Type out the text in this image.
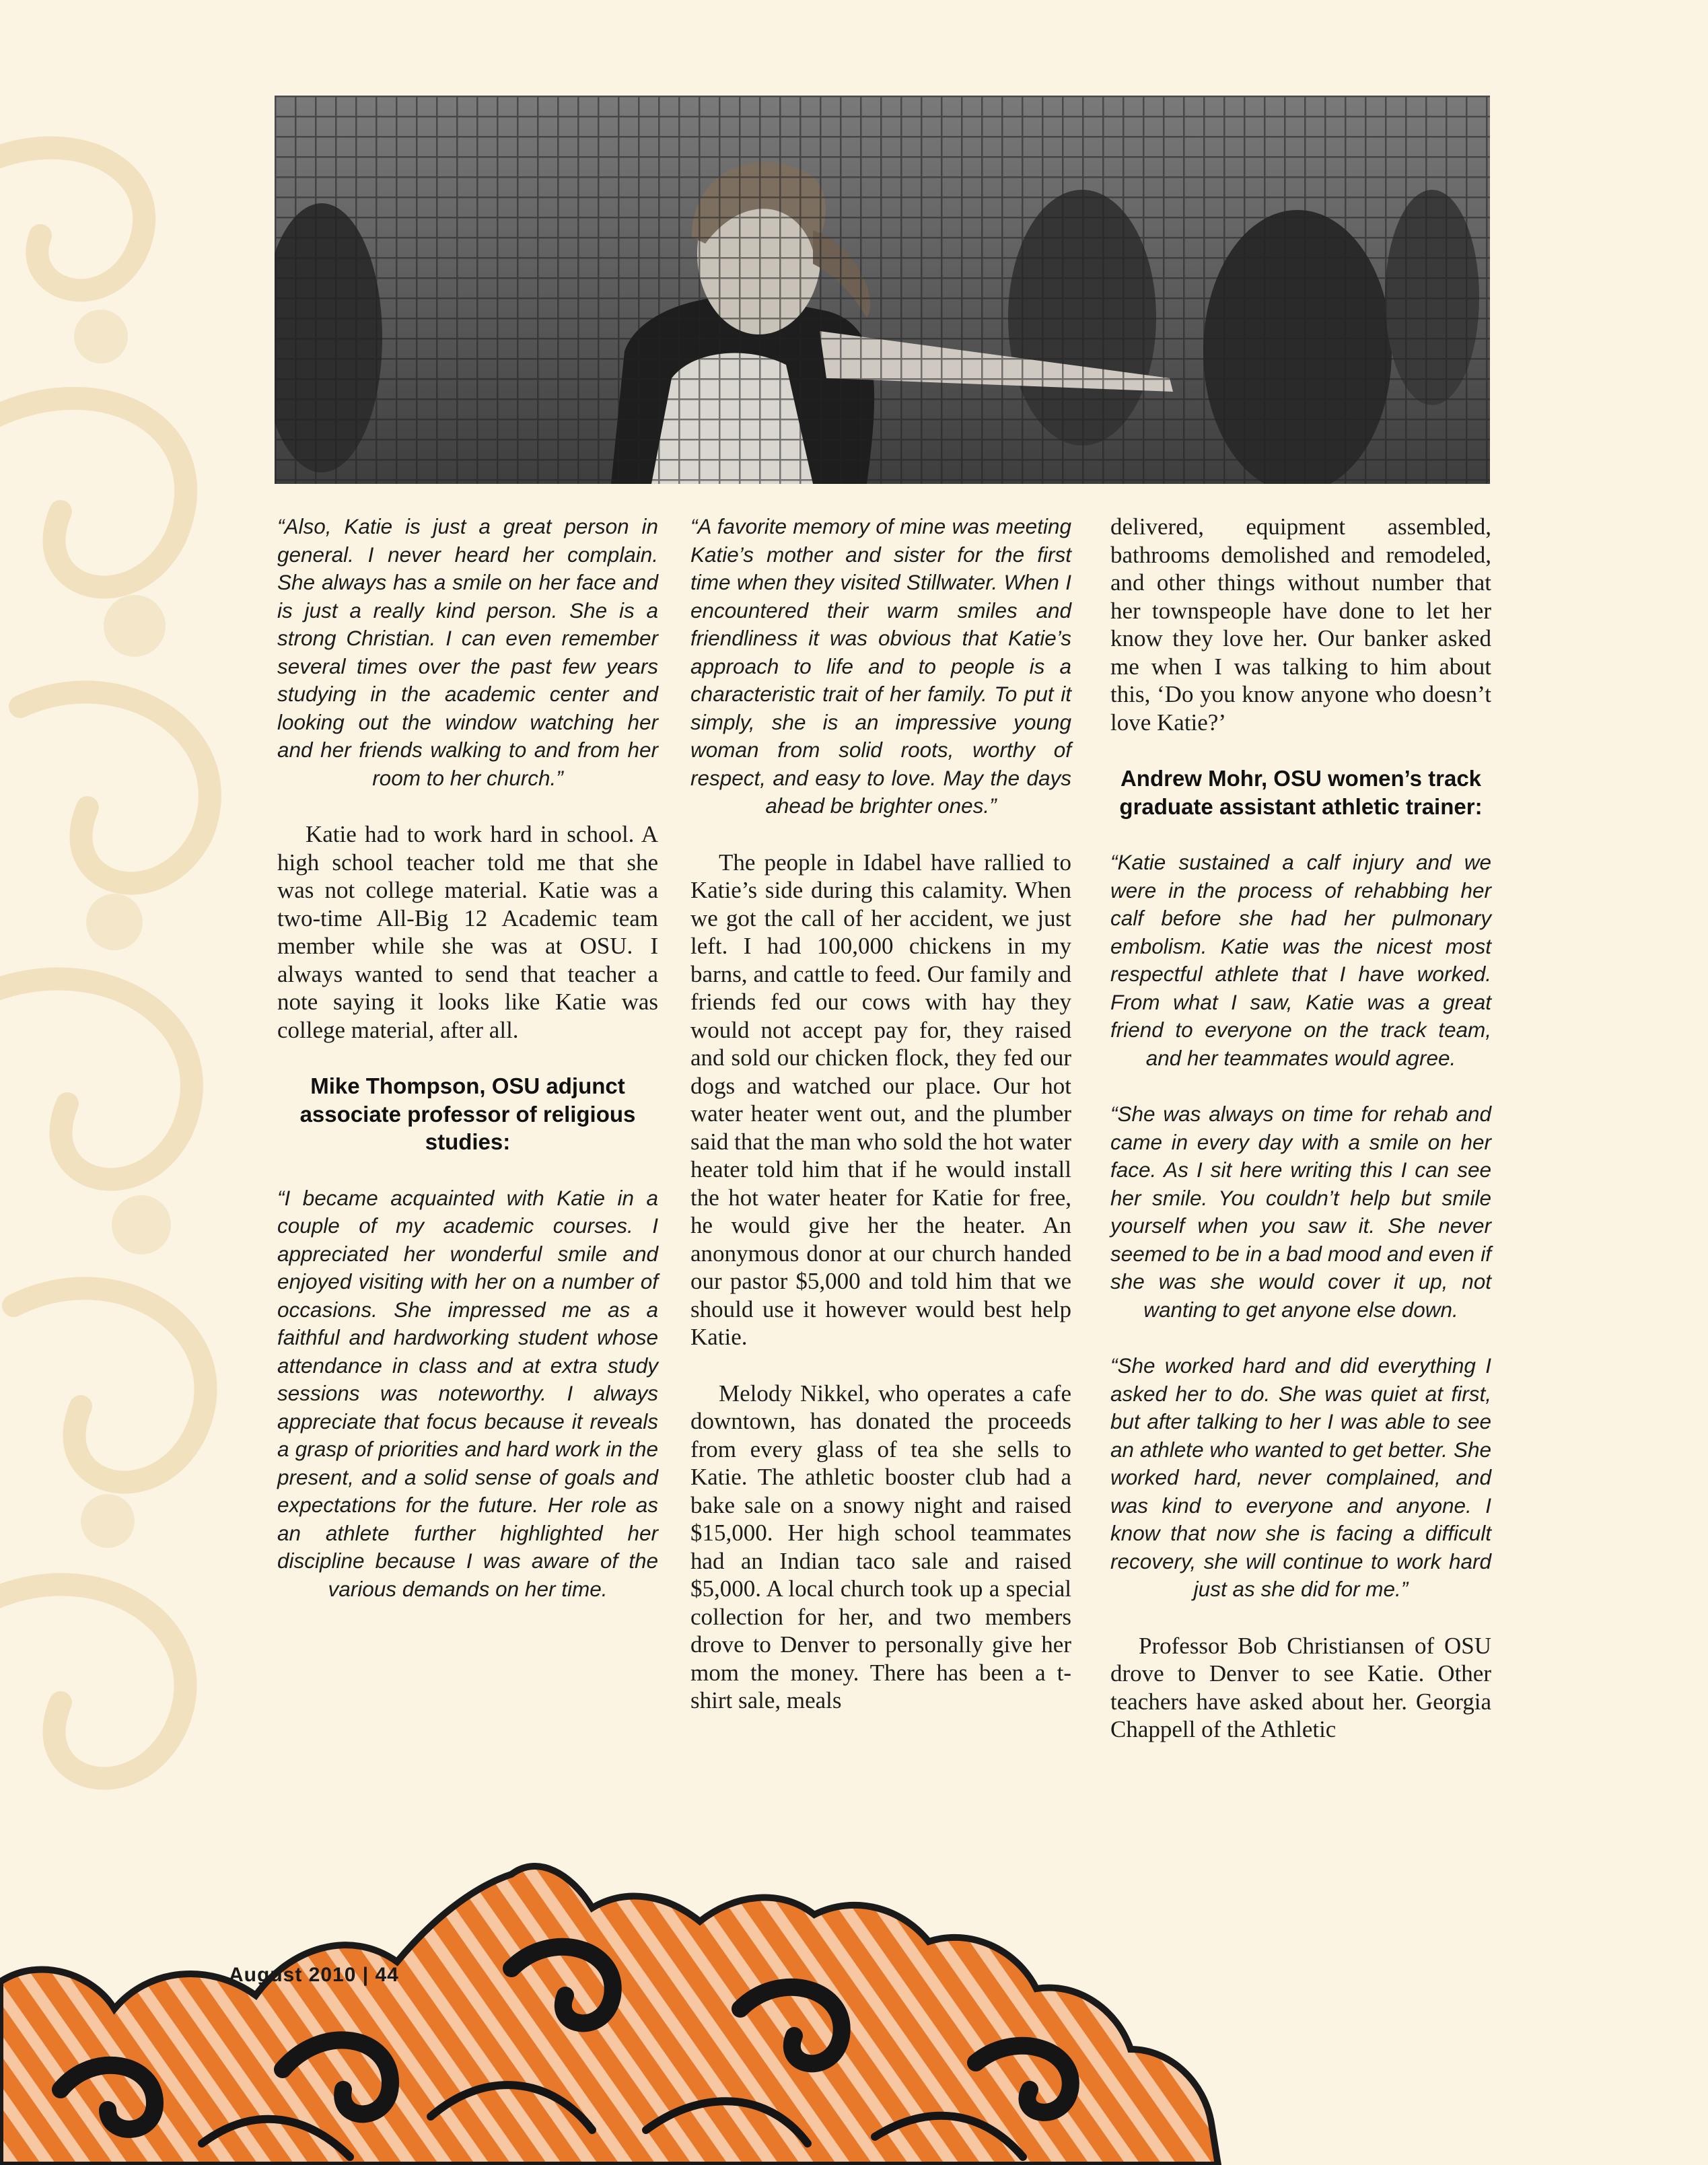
“Also, Katie is just a great person in general. I never heard her complain. She always has a smile on her face and is just a really kind person. She is a strong Christian. I can even remember several times over the past few years studying in the academic center and looking out the window watching her and her friends walking to and from her room to her church.”

Katie had to work hard in school. A high school teacher told me that she was not college material. Katie was a two-time All-Big 12 Academic team member while she was at OSU. I always wanted to send that teacher a note saying it looks like Katie was college material, after all.

Mike Thompson, OSU adjunct associate professor of religious studies:

“I became acquainted with Katie in a couple of my academic courses. I appreciated her wonderful smile and enjoyed visiting with her on a number of occasions. She impressed me as a faithful and hardworking student whose attendance in class and at extra study sessions was noteworthy. I always appreciate that focus because it reveals a grasp of priorities and hard work in the present, and a solid sense of goals and expectations for the future. Her role as an athlete further highlighted her discipline because I was aware of the various demands on her time.

“A favorite memory of mine was meeting Katie’s mother and sister for the first time when they visited Stillwater. When I encountered their warm smiles and friendliness it was obvious that Katie’s approach to life and to people is a characteristic trait of her family. To put it simply, she is an impressive young woman from solid roots, worthy of respect, and easy to love. May the days ahead be brighter ones.”

The people in Idabel have rallied to Katie’s side during this calamity. When we got the call of her accident, we just left. I had 100,000 chickens in my barns, and cattle to feed. Our family and friends fed our cows with hay they would not accept pay for, they raised and sold our chicken flock, they fed our dogs and watched our place. Our hot water heater went out, and the plumber said that the man who sold the hot water heater told him that if he would install the hot water heater for Katie for free, he would give her the heater. An anonymous donor at our church handed our pastor $5,000 and told him that we should use it however would best help Katie.

Melody Nikkel, who operates a cafe downtown, has donated the proceeds from every glass of tea she sells to Katie. The athletic booster club had a bake sale on a snowy night and raised $15,000. Her high school teammates had an Indian taco sale and raised $5,000. A local church took up a special collection for her, and two members drove to Denver to personally give her mom the money. There has been a t-shirt sale, meals

delivered, equipment assembled, bathrooms demolished and remodeled, and other things without number that her townspeople have done to let her know they love her. Our banker asked me when I was talking to him about this, ‘Do you know anyone who doesn’t love Katie?’

Andrew Mohr, OSU women’s track graduate assistant athletic trainer:

“Katie sustained a calf injury and we were in the process of rehabbing her calf before she had her pulmonary embolism. Katie was the nicest most respectful athlete that I have worked. From what I saw, Katie was a great friend to everyone on the track team, and her teammates would agree.

“She was always on time for rehab and came in every day with a smile on her face. As I sit here writing this I can see her smile. You couldn’t help but smile yourself when you saw it. She never seemed to be in a bad mood and even if she was she would cover it up, not wanting to get anyone else down.

“She worked hard and did everything I asked her to do. She was quiet at first, but after talking to her I was able to see an athlete who wanted to get better. She worked hard, never complained, and was kind to everyone and anyone. I know that now she is facing a difficult recovery, she will continue to work hard just as she did for me.”

Professor Bob Christiansen of OSU drove to Denver to see Katie. Other teachers have asked about her. Georgia Chappell of the Athletic

August 2010 | 44
